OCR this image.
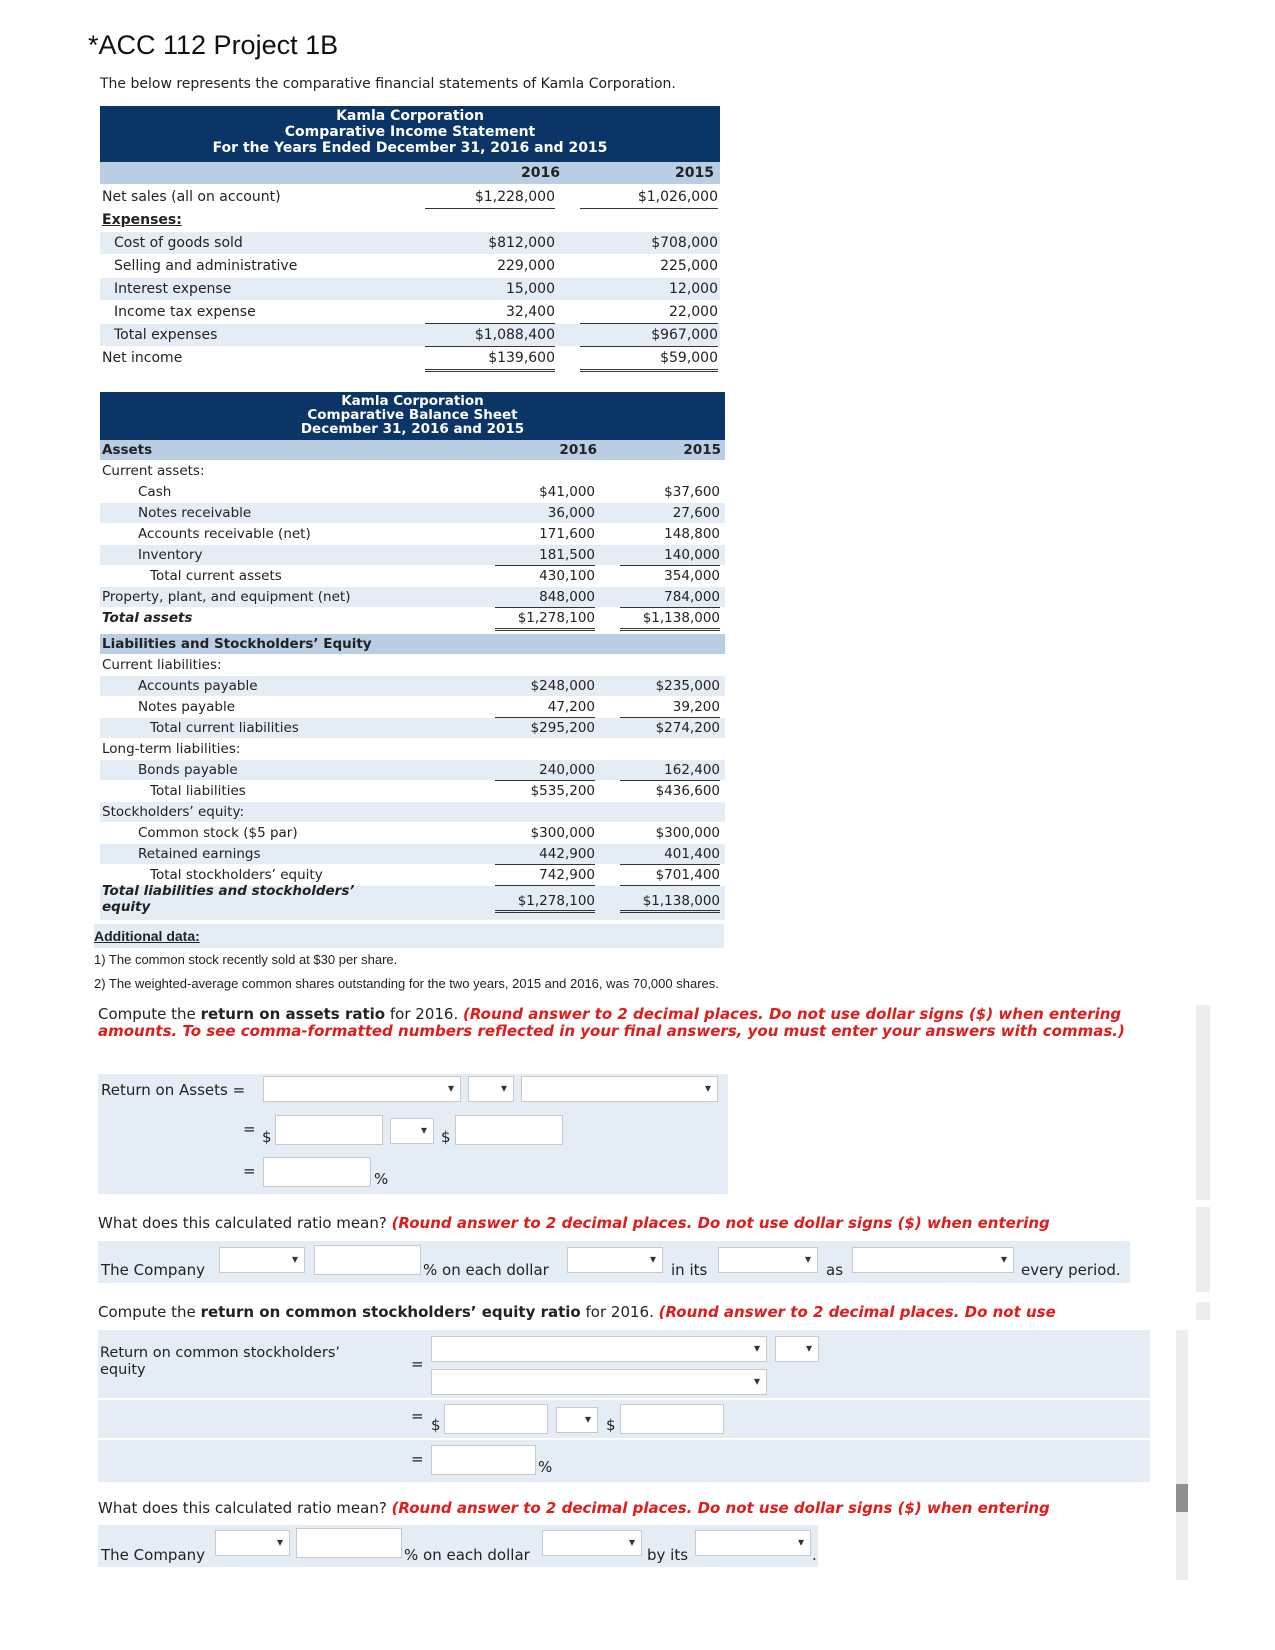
*ACC 112 Project 1B
The below represents the comparative financial statements of Kamla Corporation.
Kamla Corporation
Comparative Income Statement
For the Years Ended December 31, 2016 and 2015
2016	2015
Net sales (all on account)	$1,228,000	$1,026,000
Expenses:
Cost of goods sold	$812,000	$708,000
Selling and administrative	229,000	225,000
Interest expense	15,000	12,000
Income tax expense	32,400	22,000
Total expenses	$1,088,400	$967,000
Net income	$139,600	$59,000
Kamla Corporation
Comparative Balance Sheet
December 31, 2016 and 2015
Assets	2016	2015
Current assets:
Cash	$41,000	$37,600
Notes receivable	36,000	27,600
Accounts receivable (net)	171,600	148,800
Inventory	181,500	140,000
Total current assets	430,100	354,000
Property, plant, and equipment (net)	848,000	784,000
Total assets	$1,278,100	$1,138,000
Liabilities and Stockholders’ Equity
Current liabilities:
Accounts payable	$248,000	$235,000
Notes payable	47,200	39,200
Total current liabilities	$295,200	$274,200
Long-term liabilities:
Bonds payable	240,000	162,400
Total liabilities	$535,200	$436,600
Stockholders’ equity:
Common stock ($5 par)	$300,000	$300,000
Retained earnings	442,900	401,400
Total stockholders’ equity	742,900	$701,400
Total liabilities and stockholders’
equity	$1,278,100	$1,138,000
Additional data:
1) The common stock recently sold at $30 per share.
2) The weighted-average common shares outstanding for the two years, 2015 and 2016, was 70,000 shares.
Compute the return on assets ratio for 2016. (Round answer to 2 decimal places. Do not use dollar signs ($) when entering amounts. To see comma-formatted numbers reflected in your final answers, you must enter your answers with commas.)
Return on Assets =
▾
▾
▾
= $ ▾	$
=	%
What does this calculated ratio mean? (Round answer to 2 decimal places. Do not use dollar signs ($) when entering
The Company ▾	% on each dollar ▾	in its ▾	as ▾	every period.
Compute the return on common stockholders’ equity ratio for 2016. (Round answer to 2 decimal places. Do not use
Return on common stockholders’
equity	=
▾
▾
▾
= $ ▾	$
=	%
What does this calculated ratio mean? (Round answer to 2 decimal places. Do not use dollar signs ($) when entering
The Company ▾	% on each dollar ▾	by its ▾	.
